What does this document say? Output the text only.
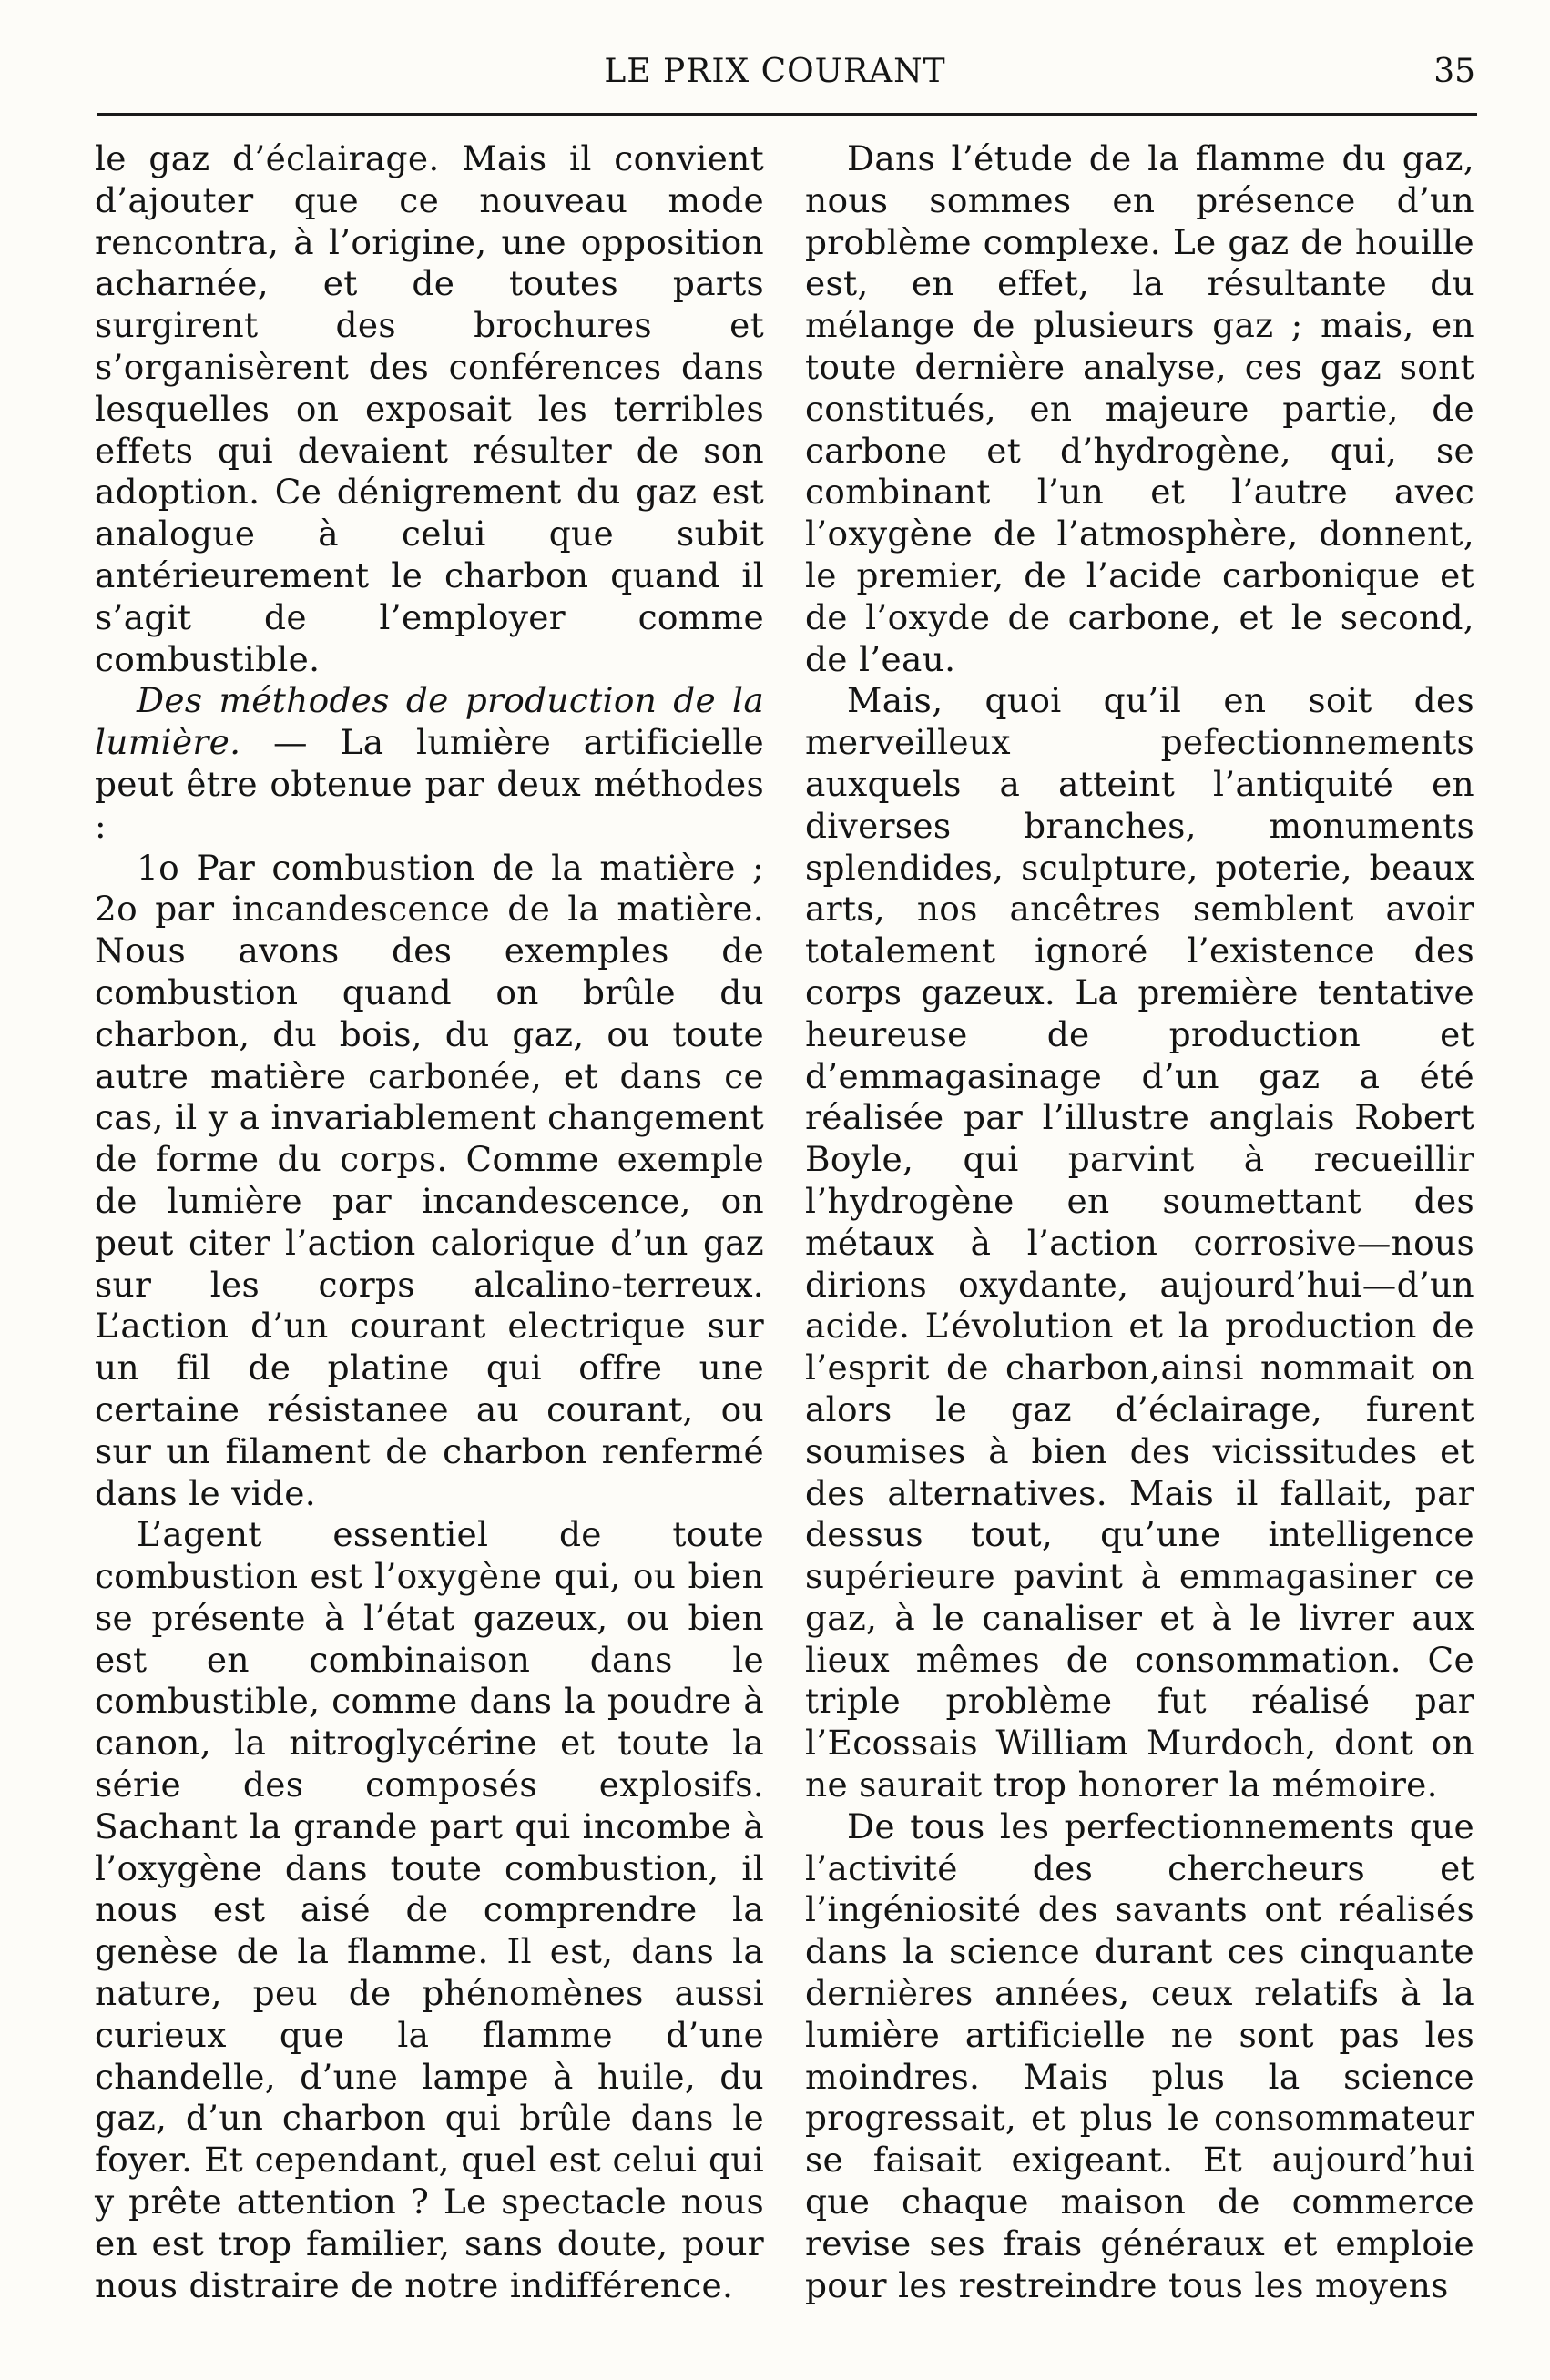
LE PRIX COURANT	35

le gaz d’éclairage. Mais il convient d’ajouter que ce nouveau mode rencontra, à l’origine, une opposition acharnée, et de toutes parts surgirent des brochures et s’organisèrent des conférences dans lesquelles on exposait les terribles effets qui devaient résulter de son adoption. Ce dénigrement du gaz est analogue à celui que subit antérieurement le charbon quand il s’agit de l’employer comme combustible.

Des méthodes de production de la lumière. — La lumière artificielle peut être obtenue par deux méthodes :

1o Par combustion de la matière ; 2o par incandescence de la matière. Nous avons des exemples de combustion quand on brûle du charbon, du bois, du gaz, ou toute autre matière carbonée, et dans ce cas, il y a invariablement changement de forme du corps. Comme exemple de lumière par incandescence, on peut citer l’action calorique d’un gaz sur les corps alcalino-terreux. L’action d’un courant electrique sur un fil de platine qui offre une certaine résistanee au courant, ou sur un filament de charbon renfermé dans le vide.

L’agent essentiel de toute combustion est l’oxygène qui, ou bien se présente à l’état gazeux, ou bien est en combinaison dans le combustible, comme dans la poudre à canon, la nitroglycérine et toute la série des composés explosifs. Sachant la grande part qui incombe à l’oxygène dans toute combustion, il nous est aisé de comprendre la genèse de la flamme. Il est, dans la nature, peu de phénomènes aussi curieux que la flamme d’une chandelle, d’une lampe à huile, du gaz, d’un charbon qui brûle dans le foyer. Et cependant, quel est celui qui y prête attention ? Le spectacle nous en est trop familier, sans doute, pour nous distraire de notre indifférence.

Dans l’étude de la flamme du gaz, nous sommes en présence d’un problème complexe. Le gaz de houille est, en effet, la résultante du mélange de plusieurs gaz ; mais, en toute dernière analyse, ces gaz sont constitués, en majeure partie, de carbone et d’hydrogène, qui, se combinant l’un et l’autre avec l’oxygène de l’atmosphère, donnent, le premier, de l’acide carbonique et de l’oxyde de carbone, et le second, de l’eau.

Mais, quoi qu’il en soit des merveilleux pefectionnements auxquels a atteint l’antiquité en diverses branches, monuments splendides, sculpture, poterie, beaux arts, nos ancêtres semblent avoir totalement ignoré l’existence des corps gazeux. La première tentative heureuse de production et d’emmagasinage d’un gaz a été réalisée par l’illustre anglais Robert Boyle, qui parvint à recueillir l’hydrogène en soumettant des métaux à l’action corrosive—nous dirions oxydante, aujourd’hui—d’un acide. L’évolution et la production de l’esprit de charbon,ainsi nommait on alors le gaz d’éclairage, furent soumises à bien des vicissitudes et des alternatives. Mais il fallait, par dessus tout, qu’une intelligence supérieure pavint à emmagasiner ce gaz, à le canaliser et à le livrer aux lieux mêmes de consommation. Ce triple problème fut réalisé par l’Ecossais William Murdoch, dont on ne saurait trop honorer la mémoire.

De tous les perfectionnements que l’activité des chercheurs et l’ingéniosité des savants ont réalisés dans la science durant ces cinquante dernières années, ceux relatifs à la lumière artificielle ne sont pas les moindres. Mais plus la science progressait, et plus le consommateur se faisait exigeant. Et aujourd’hui que chaque maison de commerce revise ses frais généraux et emploie pour les restreindre tous les moyens
